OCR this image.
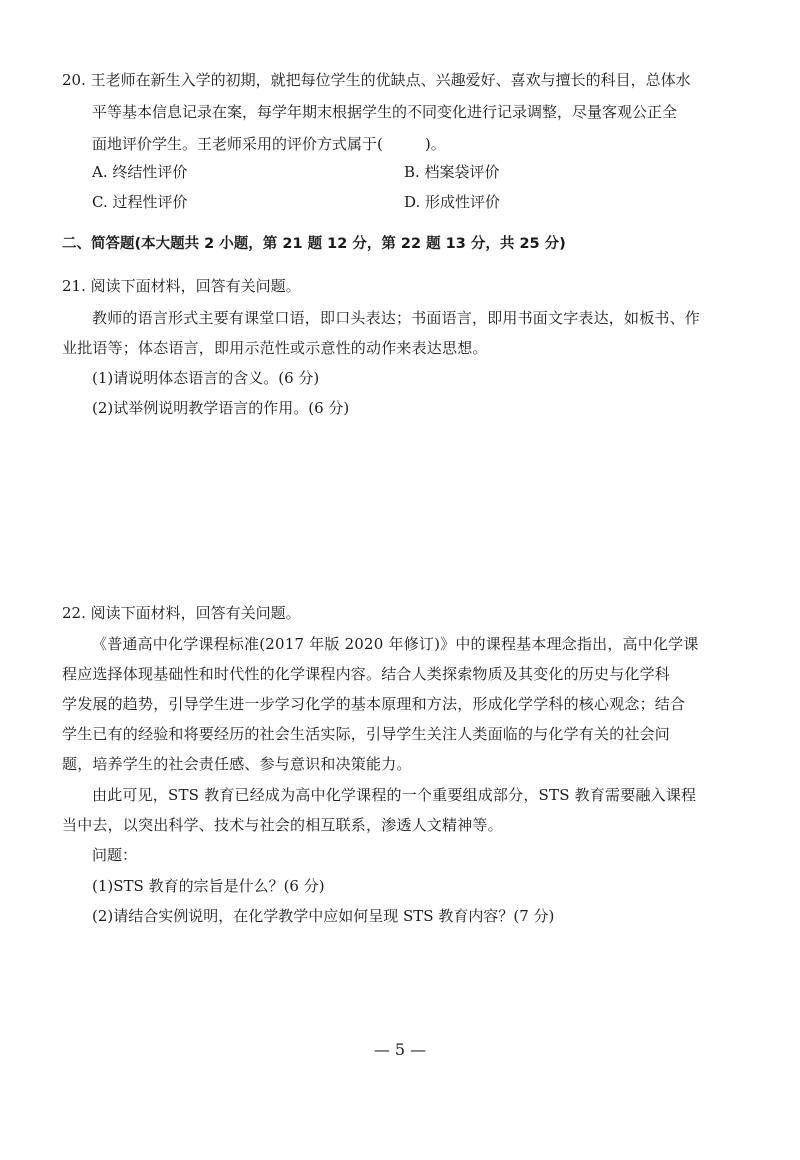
20. 王老师在新生入学的初期，就把每位学生的优缺点、兴趣爱好、喜欢与擅长的科目，总体水
平等基本信息记录在案，每学年期末根据学生的不同变化进行记录调整，尽量客观公正全
面地评价学生。王老师采用的评价方式属于(	)。
A. 终结性评价	B. 档案袋评价
C. 过程性评价	D. 形成性评价
二、简答题(本大题共 2 小题，第 21 题 12 分，第 22 题 13 分，共 25 分)
21. 阅读下面材料，回答有关问题。
教师的语言形式主要有课堂口语，即口头表达；书面语言，即用书面文字表达，如板书、作
业批语等；体态语言，即用示范性或示意性的动作来表达思想。
(1)请说明体态语言的含义。(6 分)
(2)试举例说明教学语言的作用。(6 分)
22. 阅读下面材料，回答有关问题。
《普通高中化学课程标准(2017 年版 2020 年修订)》中的课程基本理念指出，高中化学课
程应选择体现基础性和时代性的化学课程内容。结合人类探索物质及其变化的历史与化学科
学发展的趋势，引导学生进一步学习化学的基本原理和方法，形成化学学科的核心观念；结合
学生已有的经验和将要经历的社会生活实际，引导学生关注人类面临的与化学有关的社会问
题，培养学生的社会责任感、参与意识和决策能力。
由此可见，STS 教育已经成为高中化学课程的一个重要组成部分，STS 教育需要融入课程
当中去，以突出科学、技术与社会的相互联系，渗透人文精神等。
问题：
(1)STS 教育的宗旨是什么？(6 分)
(2)请结合实例说明，在化学教学中应如何呈现 STS 教育内容？(7 分)
— 5 —
